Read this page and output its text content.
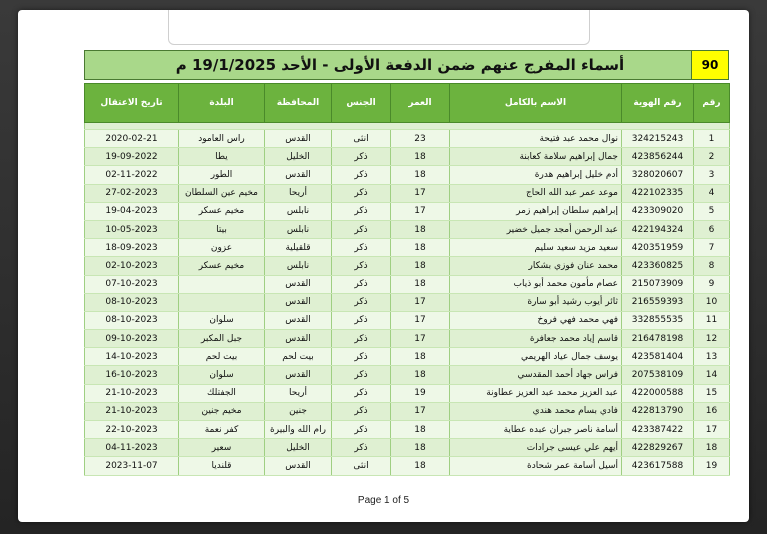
أسماء المفرج عنهم ضمن الدفعة الأولى - الأحد 19/1/2025 م	90
رقم	رقم الهوية	الاسم بالكامل	العمر	الجنس	المحافظة	البلدة	تاريخ الاعتقال

1	324215243	نوال محمد عبد فتيحة	23	انثى	القدس	راس العامود	2020-02-21
2	423856244	جمال إبراهيم سلامة كعابنة	18	ذكر	الخليل	يطا	19-09-2022
3	328020607	أدم خليل إبراهيم هدرة	18	ذكر	القدس	الطور	02-11-2022
4	422102335	موعد عمر عبد الله الحاج	17	ذكر	أريحا	مخيم عين السلطان	27-02-2023
5	423309020	إبراهيم سلطان إبراهيم زمر	17	ذكر	نابلس	مخيم عسكر	19-04-2023
6	422194324	عبد الرحمن أمجد جميل خضير	18	ذكر	نابلس	بيتا	10-05-2023
7	420351959	سعيد مزيد سعيد سليم	18	ذكر	قلقيلية	عزون	18-09-2023
8	423360825	محمد عنان فوزي بشكار	18	ذكر	نابلس	مخيم عسكر	02-10-2023
9	215073909	عصام مأمون محمد أبو ذياب	18	ذكر	القدس		07-10-2023
10	216559393	ثائر أيوب رشيد أبو سارة	17	ذكر	القدس		08-10-2023
11	332855535	فهي محمد فهي فروخ	17	ذكر	القدس	سلوان	08-10-2023
12	216478198	قاسم إياد محمد جعافرة	17	ذكر	القدس	جبل المكبر	09-10-2023
13	423581404	يوسف جمال عياد الهريمي	18	ذكر	بيت لحم	بيت لحم	14-10-2023
14	207538109	فراس جهاد أحمد المقدسي	18	ذكر	القدس	سلوان	16-10-2023
15	422000588	عبد العزيز محمد عبد العزيز عطاونة	19	ذكر	أريحا	الجفتلك	21-10-2023
16	422813790	فادي بسام محمد هندي	17	ذكر	جنين	مخيم جنين	21-10-2023
17	423387422	أسامة ناصر جبران عبده عطاية	18	ذكر	رام الله والبيرة	كفر نعمة	22-10-2023
18	422829267	أيهم علي عيسى جرادات	18	ذكر	الخليل	سعير	04-11-2023
19	423617588	أسيل أسامة عمر شحادة	18	انثى	القدس	قلنديا	2023-11-07
Page 1 of 5
